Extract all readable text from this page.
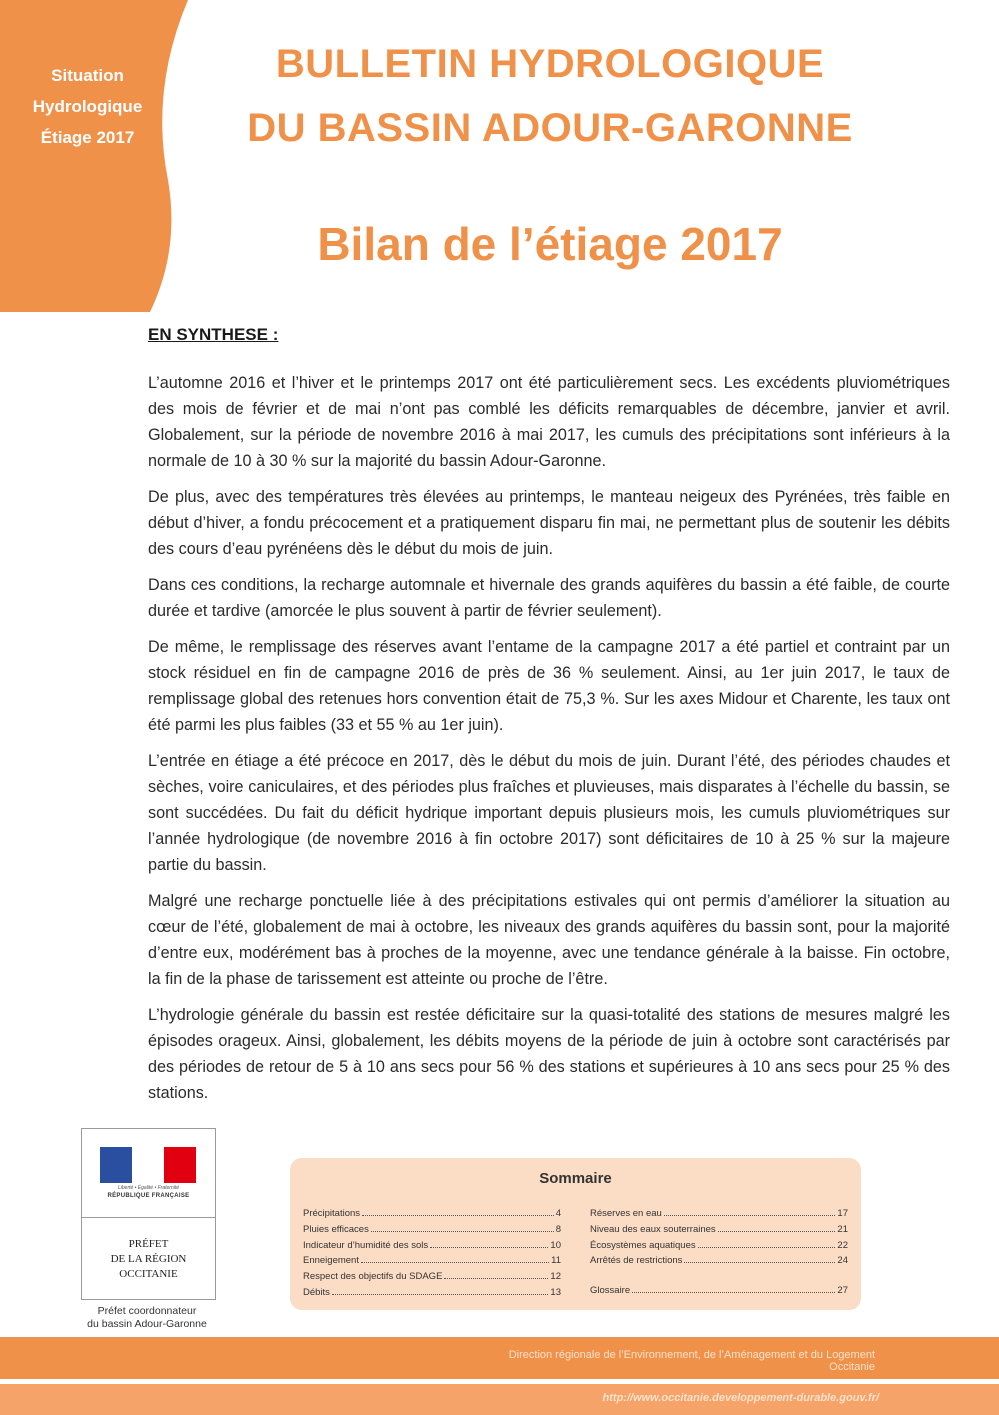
Situation
Hydrologique
Étiage 2017
BULLETIN HYDROLOGIQUE
DU BASSIN ADOUR-GARONNE
Bilan de l’étiage 2017
EN SYNTHESE :

L’automne 2016 et l’hiver et le printemps 2017 ont été particulièrement secs. Les excédents pluviométriques des mois de février et de mai n’ont pas comblé les déficits remarquables de décembre, janvier et avril. Globalement, sur la période de novembre 2016 à mai 2017, les cumuls des précipitations sont inférieurs à la normale de 10 à 30 % sur la majorité du bassin Adour-Garonne.

De plus, avec des températures très élevées au printemps, le manteau neigeux des Pyrénées, très faible en début d’hiver, a fondu précocement et a pratiquement disparu fin mai, ne permettant plus de soutenir les débits des cours d’eau pyrénéens dès le début du mois de juin.

Dans ces conditions, la recharge automnale et hivernale des grands aquifères du bassin a été faible, de courte durée et tardive (amorcée le plus souvent à partir de février seulement).

De même, le remplissage des réserves avant l’entame de la campagne 2017 a été partiel et contraint par un stock résiduel en fin de campagne 2016 de près de 36 % seulement. Ainsi, au 1er juin 2017, le taux de remplissage global des retenues hors convention était de 75,3 %. Sur les axes Midour et Charente, les taux ont été parmi les plus faibles (33 et 55 % au 1er juin).

L’entrée en étiage a été précoce en 2017, dès le début du mois de juin. Durant l’été, des périodes chaudes et sèches, voire caniculaires, et des périodes plus fraîches et pluvieuses, mais disparates à l’échelle du bassin, se sont succédées. Du fait du déficit hydrique important depuis plusieurs mois, les cumuls pluviométriques sur l’année hydrologique (de novembre 2016 à fin octobre 2017) sont déficitaires de 10 à 25 % sur la majeure partie du bassin.

Malgré une recharge ponctuelle liée à des précipitations estivales qui ont permis d’améliorer la situation au cœur de l’été, globalement de mai à octobre, les niveaux des grands aquifères du bassin sont, pour la majorité d’entre eux, modérément bas à proches de la moyenne, avec une tendance générale à la baisse. Fin octobre, la fin de la phase de tarissement est atteinte ou proche de l’être.

L’hydrologie générale du bassin est restée déficitaire sur la quasi-totalité des stations de mesures malgré les épisodes orageux. Ainsi, globalement, les débits moyens de la période de juin à octobre sont caractérisés par des périodes de retour de 5 à 10 ans secs pour 56 % des stations et supérieures à 10 ans secs pour 25 % des stations.

Liberté • Égalité • Fraternité
RÉPUBLIQUE FRANÇAISE
PRÉFET
DE LA RÉGION
OCCITANIE
Préfet coordonnateur
du bassin Adour-Garonne
Sommaire
Précipitations	4
Pluies efficaces	8
Indicateur d’humidité des sols	10
Enneigement	11
Respect des objectifs du SDAGE	12
Débits	13
Réserves en eau	17
Niveau des eaux souterraines	21
Écosystèmes aquatiques	22
Arrêtés de restrictions	24
Glossaire	27
Direction régionale de l’Environnement, de l’Aménagement et du Logement
Occitanie
http://www.occitanie.developpement-durable.gouv.fr/
